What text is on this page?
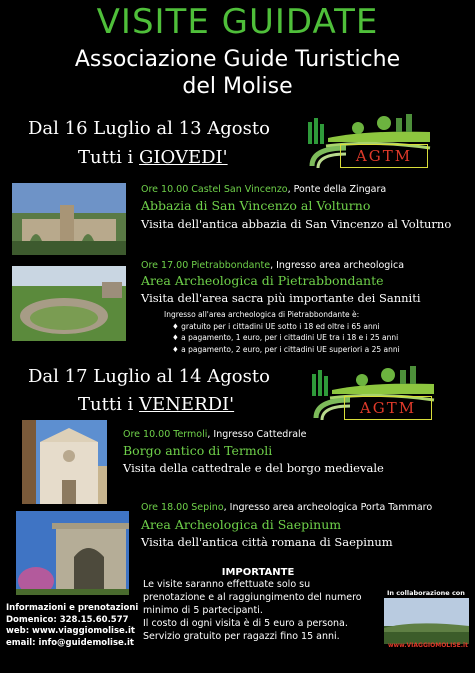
VISITE GUIDATE
Associazione Guide Turistiche
del Molise
Dal 16 Luglio al 13 Agosto
Tutti i GIOVEDI'	AGTM
Ore 10.00 Castel San Vincenzo, Ponte della Zingara
Abbazia di San Vincenzo al Volturno
Visita dell'antica abbazia di San Vincenzo al Volturno
Ore 17.00 Pietrabbondante, Ingresso area archeologica
Area Archeologica di Pietrabbondante
Visita dell'area sacra più importante dei Sanniti
Ingresso all'area archeologica di Pietrabbondante è:
♦ gratuito per i cittadini UE sotto i 18 ed oltre i 65 anni
♦ a pagamento, 1 euro, per i cittadini UE tra i 18 e i 25 anni
♦ a pagamento, 2 euro, per i cittadini UE superiori a 25 anni
Dal 17 Luglio al 14 Agosto
Tutti i VENERDI'	AGTM
Ore 10.00 Termoli, Ingresso Cattedrale
Borgo antico di Termoli
Visita della cattedrale e del borgo medievale
Ore 18.00 Sepino, Ingresso area archeologica Porta Tammaro
Area Archeologica di Saepinum
Visita dell'antica città romana di Saepinum
IMPORTANTE
Le visite saranno effettuate solo su
prenotazione e al raggiungimento del numero
minimo di 5 partecipanti.
Il costo di ogni visita è di 5 euro a persona.
Servizio gratuito per ragazzi fino 15 anni.
Informazioni e prenotazioni
Domenico: 328.15.60.577
web: www.viaggiomolise.it
email: info@guidemolise.it
In collaborazione con
www.VIAGGIOMOLISE.it
